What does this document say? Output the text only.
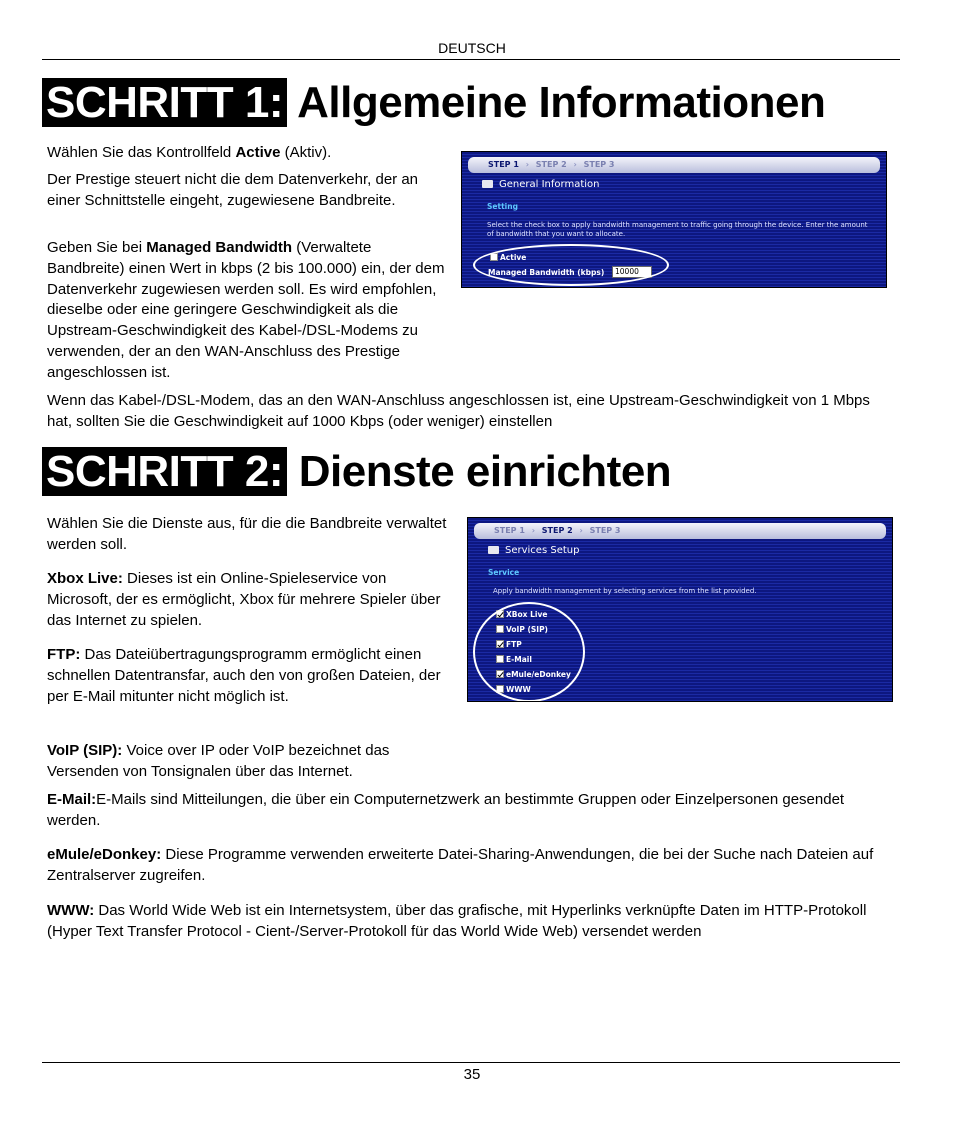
DEUTSCH
SCHRITT 1: Allgemeine Informationen
Wählen Sie das Kontrollfeld Active (Aktiv).
Der Prestige steuert nicht die dem Datenverkehr, der an einer Schnittstelle eingeht, zugewiesene Bandbreite.
Geben Sie bei Managed Bandwidth (Verwaltete Bandbreite) einen Wert in kbps (2 bis 100.000) ein, der dem Datenverkehr zugewiesen werden soll. Es wird empfohlen, dieselbe oder eine geringere Geschwindigkeit als die Upstream-Geschwindigkeit des Kabel-/DSL-Modems zu verwenden, der an den WAN-Anschluss des Prestige angeschlossen ist.
Wenn das Kabel-/DSL-Modem, das an den WAN-Anschluss angeschlossen ist, eine Upstream-Geschwindigkeit von 1 Mbps hat, sollten Sie die Geschwindigkeit auf 1000 Kbps (oder weniger) einstellen
STEP 1 › STEP 2 › STEP 3
General Information
Setting
Select the check box to apply bandwidth management to traffic going through the device. Enter the amount of bandwidth that you want to allocate.
Active
Managed Bandwidth (kbps)	10000
SCHRITT 2: Dienste einrichten
Wählen Sie die Dienste aus, für die die Bandbreite verwaltet werden soll.
Xbox Live: Dieses ist ein Online-Spieleservice von Microsoft, der es ermöglicht, Xbox für mehrere Spieler über das Internet zu spielen.
FTP: Das Dateiübertragungsprogramm ermöglicht einen schnellen Datentransfar, auch den von großen Dateien, der per E-Mail mitunter nicht möglich ist.
VoIP (SIP): Voice over IP oder VoIP bezeichnet das Versenden von Tonsignalen über das Internet.
E-Mail:E-Mails sind Mitteilungen, die über ein Computernetzwerk an bestimmte Gruppen oder Einzelpersonen gesendet werden.
eMule/eDonkey: Diese Programme verwenden erweiterte Datei-Sharing-Anwendungen, die bei der Suche nach Dateien auf Zentralserver zugreifen.
WWW: Das World Wide Web ist ein Internetsystem, über das grafische, mit Hyperlinks verknüpfte Daten im HTTP-Protokoll (Hyper Text Transfer Protocol - Cient-/Server-Protokoll für das World Wide Web) versendet werden
STEP 1 › STEP 2 › STEP 3
Services Setup
Service
Apply bandwidth management by selecting services from the list provided.
XBox Live
VoIP (SIP)
FTP
E-Mail
eMule/eDonkey
WWW
35
